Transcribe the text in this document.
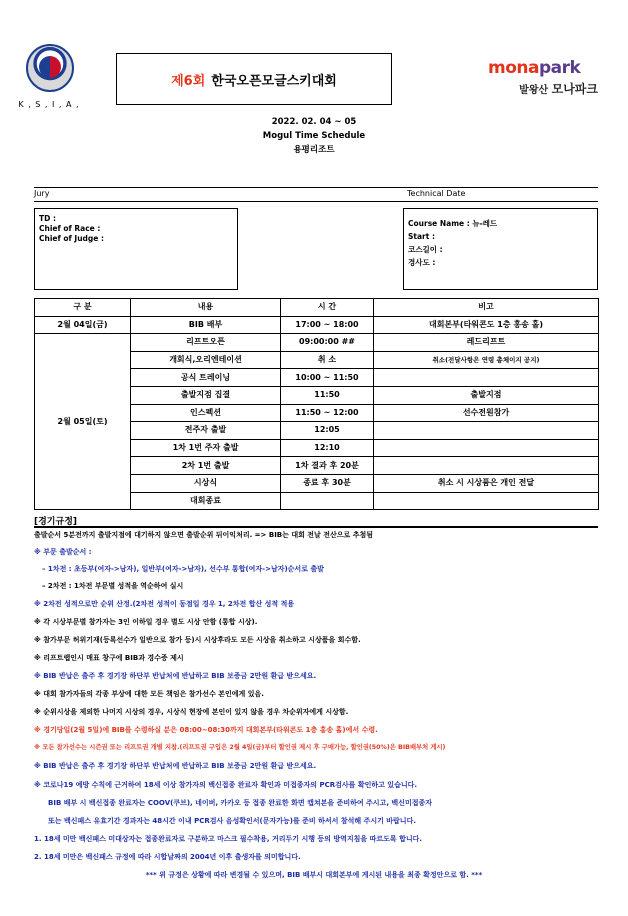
K , S , I , A ,
제6회 한국오픈모글스키대회
monapark
발왕산 모나파크
2022. 02. 04 ~ 05
Mogul Time Schedule
용평리조트
Jury	Technical Date
TD :
Chief of Race :
Chief of Judge :
Course Name : 뉴-레드
Start :
코스길이 :
경사도 :
구 분	내용	시 간	비고
2월 04일(금)	BIB 배부	17:00 ~ 18:00	대회본부(타워콘도 1층 홍송 홀)
2월 05일(토)	리프트오픈	09:00:00 ##	레드리프트
	개회식,오리엔테이션	취 소	취소(전달사항은 연령 총체이지 공지)
	공식 트레이닝	10:00 ~ 11:50	
	출발지점 집결	11:50	출발지점
	인스펙션	11:50 ~ 12:00	선수전원참가
	전주자 출발	12:05	
	1차 1번 주자 출발	12:10	
	2차 1번 출발	1차 결과 후 20분	
	시상식	종료 후 30분	취소 시 시상품은 개인 전달
	대회종료		
[경기규정]
출발순서 5분전까지 출발지점에 대기하지 않으면 출발순위 뒤이익처리. => BIB는 대회 전날 전산으로 추첨됨
※ 부문 출발순서 :
– 1차전 : 초등부(여자->남자), 일반부(여자->남자), 선수부 통합(여자->남자)순서로 출발
– 2차전 : 1차전 부문별 성적을 역순하여 실시
※ 2차전 성적으로만 순위 산정.(2차전 성적이 동점일 경우 1, 2차전 합산 성적 적용
※ 각 시상부문별 참가자는 3인 이하일 경우 별도 시상 안함 (통합 시상).
※ 참가부문 허위기재(등록선수가 일반으로 참가 등)시 시상후라도 모든 시상을 취소하고 시상품을 회수함.
※ 리프트랩인시 매표 창구에 BIB과 경수증 제시
※ BIB 반납은 출주 후 경기장 하단부 반납처에 반납하고 BIB 보증금 2만원 환급 받으세요.
※ 대회 참가자들의 각종 부상에 대한 모든 책임은 참가선수 본인에게 있음.
※ 순위시상을 제외한 나머지 시상의 경우, 시상식 현장에 본인이 있지 않을 경우 차순위자에게 시상함.
※ 경기당일(2월 5일)에 BIB를 수령하실 분은 08:00~08:30까지 대회본부(타워콘도 1층 홍송 홀)에서 수령.
※ 모든 참가선수는 시즌권 또는 리프트권 개별 지참.(리프트권 구입은 2월 4일(금)부터 할인권 제시 후 구매가능, 할인권(50%)은 BIB배부처 게시)
※ BIB 반납은 출주 후 경기장 하단부 반납처에 반납하고 BIB 보증금 2만원 환급 받으세요.
※ 코로나19 예방 수칙에 근거하여 18세 이상 참가자의 백신접종 완료자 확인과 미접종자의 PCR검사를 확인하고 있습니다.
BIB 배부 시 백신접종 완료자는 COOV(쿠브), 네이버, 카카오 등 접종 완료한 화면 캡쳐본을 준비하여 주시고, 백신미접종자
또는 백신패스 유효기간 경과자는 48시간 이내 PCR검사 음성확인서(문자가능)를 준비 하셔서 참석해 주시기 바랍니다.
1. 18세 미만 백신패스 미대상자는 접종완료자로 구분하고 마스크 필수착용, 거리두기 시행 등의 방역지침을 따르도록 합니다.
2. 18세 미만은 백신패스 규정에 따라 시합날짜의 2004년 이후 출생자를 의미합니다.
*** 위 규정은 상황에 따라 변경될 수 있으며, BIB 배부시 대회본부에 게시된 내용을 최종 확정안으로 함. ***
